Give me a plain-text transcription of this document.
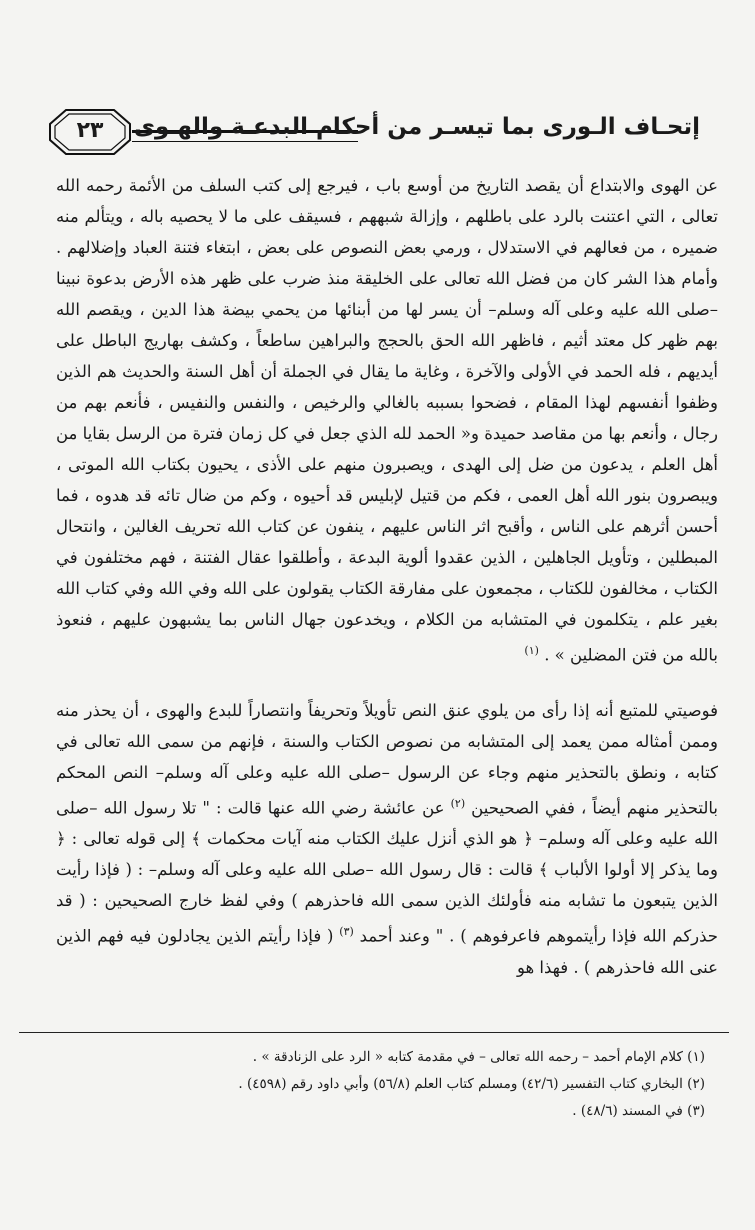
٢٣	إتحـاف الـورى بما تيسـر من أحكام البدعـة والهـوى

عن الهوى والابتداع أن يقصد التاريخ من أوسع باب ، فيرجع إلى كتب السلف من الأئمة رحمه الله تعالى ، التي اعتنت بالرد على باطلهم ، وإزالة شبههم ، فسيقف على ما لا يحصيه باله ، ويتألم منه ضميره ، من فعالهم في الاستدلال ، ورمي بعض النصوص على بعض ، ابتغاء فتنة العباد وإضلالهم . وأمام هذا الشر كان من فضل الله تعالى على الخليقة منذ ضرب على ظهر هذه الأرض بدعوة نبينا –صلى الله عليه وعلى آله وسلم– أن يسر لها من أبنائها من يحمي بيضة هذا الدين ، ويقصم الله بهم ظهر كل معتد أثيم ، فاظهر الله الحق بالحجج والبراهين ساطعاً ، وكشف بهاريج الباطل على أيديهم ، فله الحمد في الأولى والآخرة ، وغاية ما يقال في الجملة أن أهل السنة والحديث هم الذين وظفوا أنفسهم لهذا المقام ، فضحوا بسببه بالغالي والرخيص ، والنفس والنفيس ، فأنعم بهم من رجال ، وأنعم بها من مقاصد حميدة و« الحمد لله الذي جعل في كل زمان فترة من الرسل بقايا من أهل العلم ، يدعون من ضل إلى الهدى ، ويصبرون منهم على الأذى ، يحيون بكتاب الله الموتى ، ويبصرون بنور الله أهل العمى ، فكم من قتيل لإبليس قد أحيوه ، وكم من ضال تائه قد هدوه ، فما أحسن أثرهم على الناس ، وأقبح اثر الناس عليهم ، ينفون عن كتاب الله تحريف الغالين ، وانتحال المبطلين ، وتأويل الجاهلين ، الذين عقدوا ألوية البدعة ، وأطلقوا عقال الفتنة ، فهم مختلفون في الكتاب ، مخالفون للكتاب ، مجمعون على مفارقة الكتاب يقولون على الله وفي الله وفي كتاب الله بغير علم ، يتكلمون في المتشابه من الكلام ، ويخدعون جهال الناس بما يشبهون عليهم ، فنعوذ بالله من فتن المضلين » . $^{(١)}$

فوصيتي للمتبع أنه إذا رأى من يلوي عنق النص تأويلاً وتحريفاً وانتصاراً للبدع والهوى ، أن يحذر منه وممن أمثاله ممن يعمد إلى المتشابه من نصوص الكتاب والسنة ، فإنهم من سمى الله تعالى في كتابه ، ونطق بالتحذير منهم وجاء عن الرسول –صلى الله عليه وعلى آله وسلم– النص المحكم بالتحذير منهم أيضاً ، ففي الصحيحين $^{(٢)}$ عن عائشة رضي الله عنها قالت : " تلا رسول الله –صلى الله عليه وعلى آله وسلم– ﴿ هو الذي أنزل عليك الكتاب منه آيات محكمات ﴾ إلى قوله تعالى : ﴿ وما يذكر إلا أولوا الألباب ﴾ قالت : قال رسول الله –صلى الله عليه وعلى آله وسلم– : ( فإذا رأيت الذين يتبعون ما تشابه منه فأولئك الذين سمى الله فاحذرهم ) وفي لفظ خارج الصحيحين : ( قد حذركم الله فإذا رأيتموهم فاعرفوهم ) . " وعند أحمد $^{(٣)}$ ( فإذا رأيتم الذين يجادلون فيه فهم الذين عنى الله فاحذرهم ) . فهذا هو

(١) كلام الإمام أحمد – رحمه الله تعالى – في مقدمة كتابه « الرد على الزنادقة » .
(٢) البخاري كتاب التفسير (٤٢/٦) ومسلم كتاب العلم (٥٦/٨) وأبي داود رقم (٤٥٩٨) .
(٣) في المسند (٤٨/٦) .
